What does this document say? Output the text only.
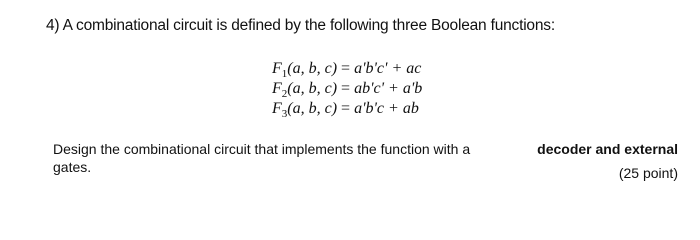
4) A combinational circuit is defined by the following three Boolean functions:
$F_1(a$, b, c) = a'b'c' + ac
$F_2(a$, b, c) = ab'c' + a'b
$F_3(a$, b, c) = a'b'c + ab
Design the combinational circuit that implements the function with a	decoder and external
gates.	(25 point)
